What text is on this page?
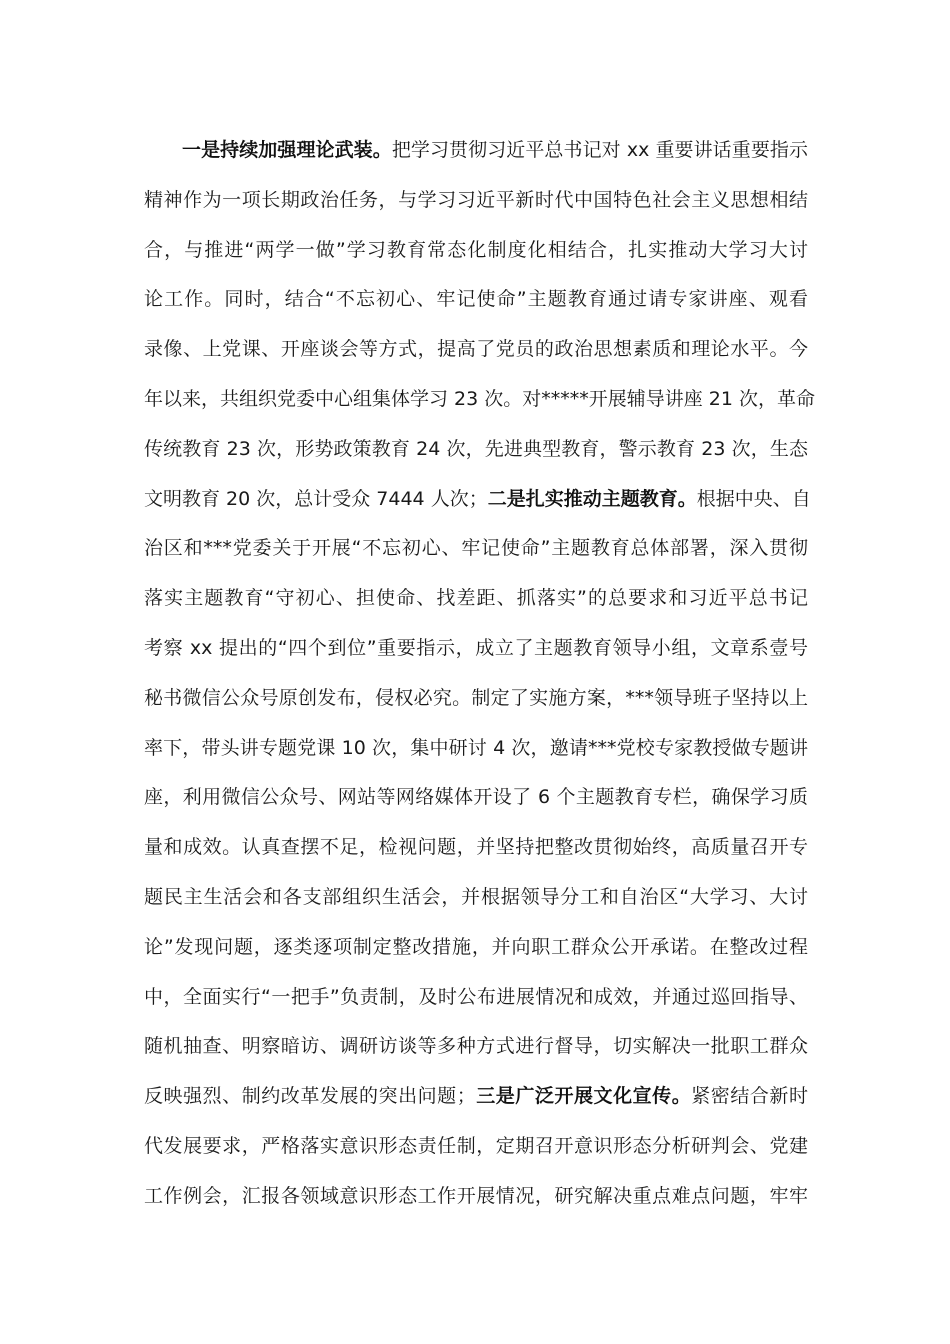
一是持续加强理论武装。把学习贯彻习近平总书记对 xx 重要讲话重要指示
精神作为一项长期政治任务，与学习习近平新时代中国特色社会主义思想相结
合，与推进“两学一做”学习教育常态化制度化相结合，扎实推动大学习大讨
论工作。同时，结合“不忘初心、牢记使命”主题教育通过请专家讲座、观看
录像、上党课、开座谈会等方式，提高了党员的政治思想素质和理论水平。今
年以来，共组织党委中心组集体学习 23 次。对*****开展辅导讲座 21 次，革命
传统教育 23 次，形势政策教育 24 次，先进典型教育，警示教育 23 次，生态
文明教育 20 次，总计受众 7444 人次；二是扎实推动主题教育。根据中央、自
治区和***党委关于开展“不忘初心、牢记使命”主题教育总体部署，深入贯彻
落实主题教育“守初心、担使命、找差距、抓落实”的总要求和习近平总书记
考察 xx 提出的“四个到位”重要指示，成立了主题教育领导小组，文章系壹号
秘书微信公众号原创发布，侵权必究。制定了实施方案，***领导班子坚持以上
率下，带头讲专题党课 10 次，集中研讨 4 次，邀请***党校专家教授做专题讲
座，利用微信公众号、网站等网络媒体开设了 6 个主题教育专栏，确保学习质
量和成效。认真查摆不足，检视问题，并坚持把整改贯彻始终，高质量召开专
题民主生活会和各支部组织生活会，并根据领导分工和自治区“大学习、大讨
论”发现问题，逐类逐项制定整改措施，并向职工群众公开承诺。在整改过程
中，全面实行“一把手”负责制，及时公布进展情况和成效，并通过巡回指导、
随机抽查、明察暗访、调研访谈等多种方式进行督导，切实解决一批职工群众
反映强烈、制约改革发展的突出问题；三是广泛开展文化宣传。紧密结合新时
代发展要求，严格落实意识形态责任制，定期召开意识形态分析研判会、党建
工作例会，汇报各领域意识形态工作开展情况，研究解决重点难点问题，牢牢
